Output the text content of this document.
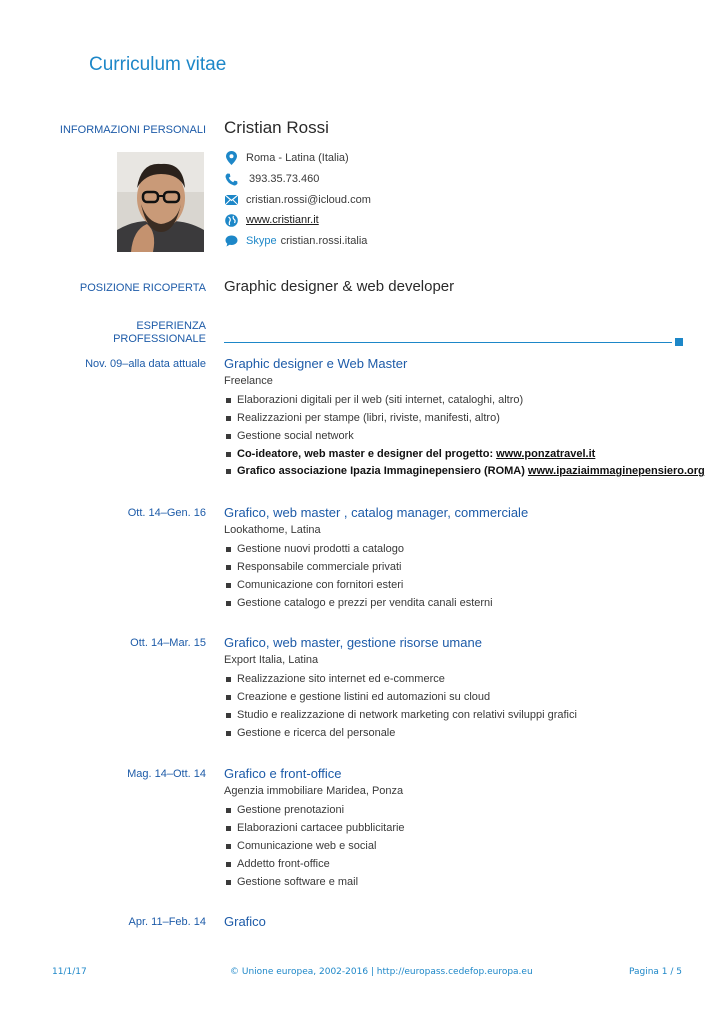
Curriculum vitae
INFORMAZIONI PERSONALI Cristian Rossi
Roma - Latina (Italia)
393.35.73.460
cristian.rossi@icloud.com
www.cristianr.it
Skype cristian.rossi.italia
POSIZIONE RICOPERTA Graphic designer & web developer
ESPERIENZA
PROFESSIONALE
Nov. 09–alla data attuale Graphic designer e Web Master
Freelance
Elaborazioni digitali per il web (siti internet, cataloghi, altro)
Realizzazioni per stampe (libri, riviste, manifesti, altro)
Gestione social network
Co-ideatore, web master e designer del progetto: www.ponzatravel.it
Grafico associazione Ipazia Immaginepensiero (ROMA) www.ipaziaimmaginepensiero.org
Ott. 14–Gen. 16 Grafico, web master , catalog manager, commerciale
Lookathome, Latina
Gestione nuovi prodotti a catalogo
Responsabile commerciale privati
Comunicazione con fornitori esteri
Gestione catalogo e prezzi per vendita canali esterni
Ott. 14–Mar. 15 Grafico, web master, gestione risorse umane
Export Italia, Latina
Realizzazione sito internet ed e-commerce
Creazione e gestione listini ed automazioni su cloud
Studio e realizzazione di network marketing con relativi sviluppi grafici
Gestione e ricerca del personale
Mag. 14–Ott. 14 Grafico e front-office
Agenzia immobiliare Maridea, Ponza
Gestione prenotazioni
Elaborazioni cartacee pubblicitarie
Comunicazione web e social
Addetto front-office
Gestione software e mail
Apr. 11–Feb. 14 Grafico
11/1/17	© Unione europea, 2002-2016 | http://europass.cedefop.europa.eu	Pagina 1 / 5
